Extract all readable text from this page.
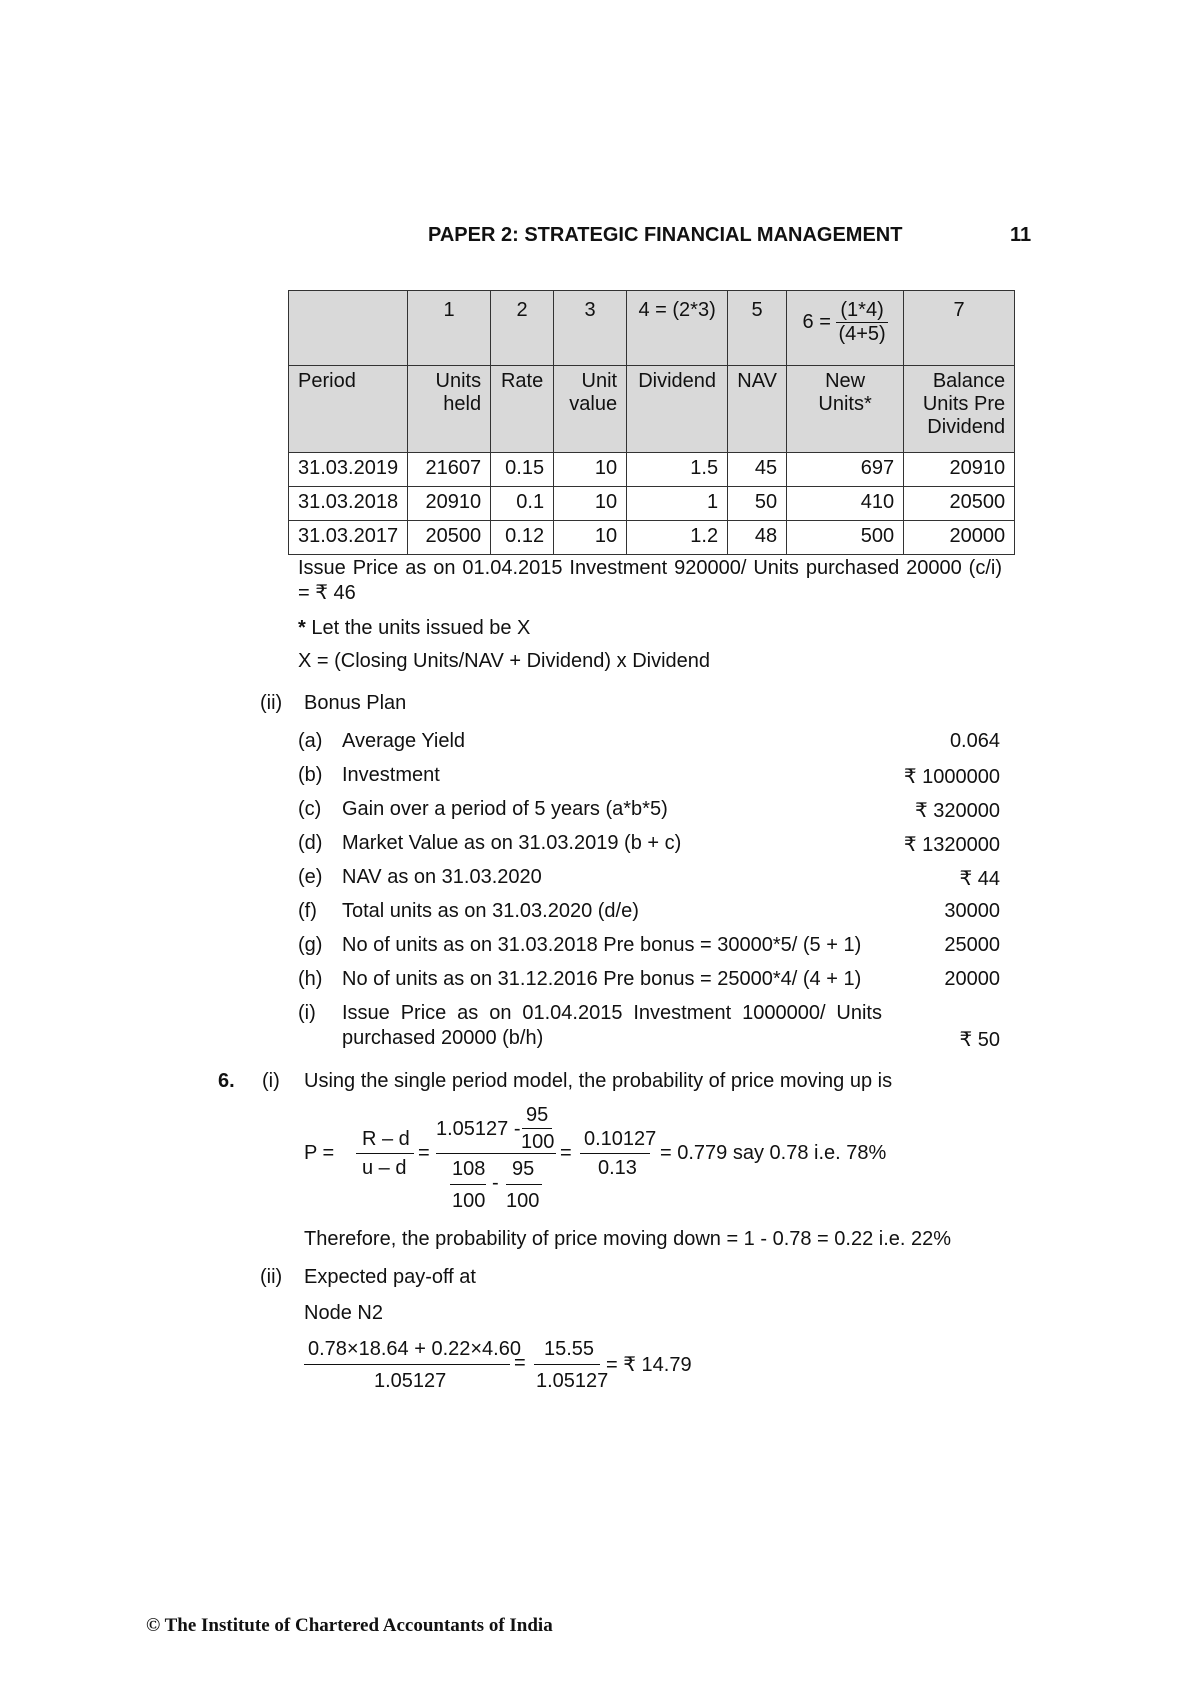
PAPER 2: STRATEGIC FINANCIAL MANAGEMENT	11
	1	2	3	4 = (2*3)	5	$6 = \frac{(1*4)}{(4+5)}$	7
Period	Units held	Rate	Unit value	Dividend	NAV	New Units*	Balance Units Pre Dividend
31.03.2019	21607	0.15	10	1.5	45	697	20910
31.03.2018	20910	0.1	10	1	50	410	20500
31.03.2017	20500	0.12	10	1.2	48	500	20000
Issue Price as on 01.04.2015 Investment 920000/ Units purchased 20000 (c/i) = ₹ 46
* Let the units issued be X
X = (Closing Units/NAV + Dividend) x Dividend
(ii) Bonus Plan
(a) Average Yield	0.064
(b) Investment	₹ 1000000
(c) Gain over a period of 5 years (a*b*5)	₹ 320000
(d) Market Value as on 31.03.2019 (b + c)	₹ 1320000
(e) NAV as on 31.03.2020	₹ 44
(f) Total units as on 31.03.2020 (d/e)	30000
(g) No of units as on 31.03.2018 Pre bonus = 30000*5/ (5 + 1)	25000
(h) No of units as on 31.12.2016 Pre bonus = 25000*4/ (4 + 1)	20000
(i) Issue Price as on 01.04.2015 Investment 1000000/ Units
purchased 20000 (b/h)	₹ 50
6. (i) Using the single period model, the probability of price moving up is
P =
R – d
u – d
=
1.05127 -
95
100
108
100
-
95
100
=
0.10127
0.13
= 0.779 say 0.78 i.e. 78%
Therefore, the probability of price moving down = 1 - 0.78 = 0.22 i.e. 22%
(ii) Expected pay-off at
Node N2
0.78×18.64 + 0.22×4.60
1.05127
=
15.55
1.05127
= ₹ 14.79
© The Institute of Chartered Accountants of India
